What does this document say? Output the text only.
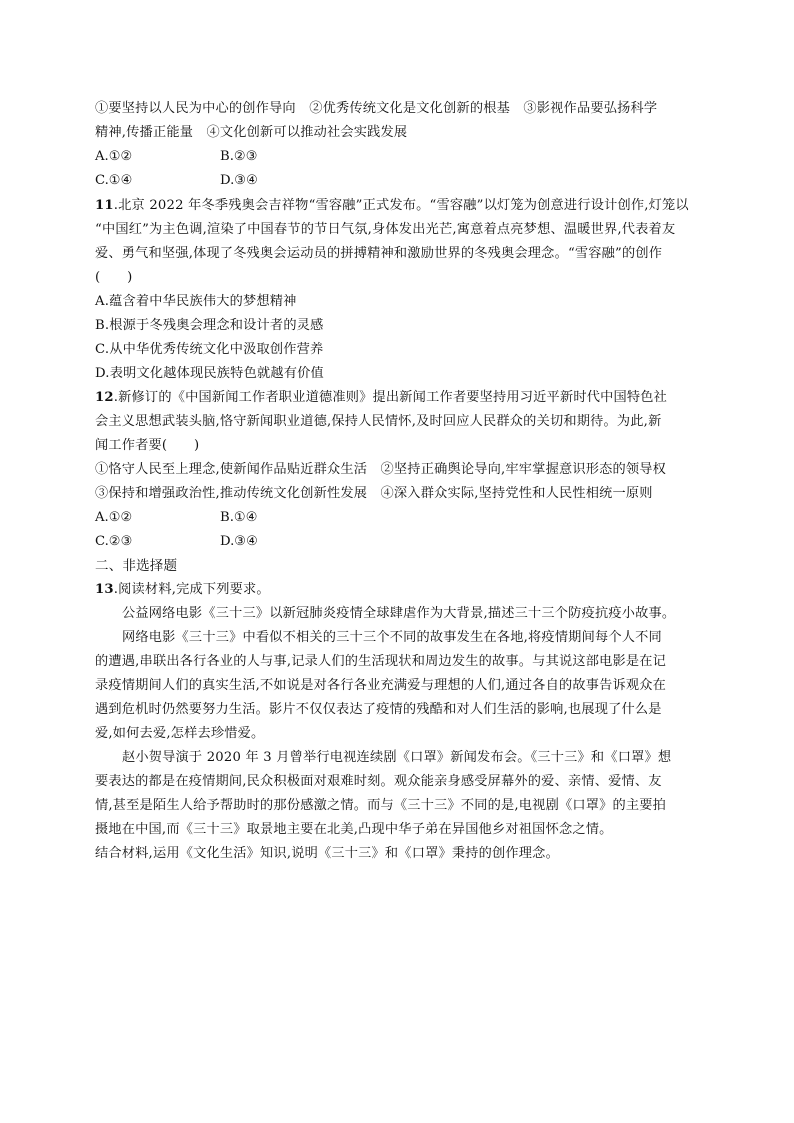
①要坚持以人民为中心的创作导向　②优秀传统文化是文化创新的根基　③影视作品要弘扬科学
精神,传播正能量　④文化创新可以推动社会实践发展
A.①②	B.②③
C.①④	D.③④
11.北京 2022 年冬季残奥会吉祥物“雪容融”正式发布。“雪容融”以灯笼为创意进行设计创作,灯笼以
“中国红”为主色调,渲染了中国春节的节日气氛,身体发出光芒,寓意着点亮梦想、温暖世界,代表着友
爱、勇气和坚强,体现了冬残奥会运动员的拼搏精神和激励世界的冬残奥会理念。“雪容融”的创作
(　　)
A.蕴含着中华民族伟大的梦想精神
B.根源于冬残奥会理念和设计者的灵感
C.从中华优秀传统文化中汲取创作营养
D.表明文化越体现民族特色就越有价值
12.新修订的《中国新闻工作者职业道德准则》提出新闻工作者要坚持用习近平新时代中国特色社
会主义思想武装头脑,恪守新闻职业道德,保持人民情怀,及时回应人民群众的关切和期待。为此,新
闻工作者要(　　)
①恪守人民至上理念,使新闻作品贴近群众生活　②坚持正确舆论导向,牢牢掌握意识形态的领导权
③保持和增强政治性,推动传统文化创新性发展　④深入群众实际,坚持党性和人民性相统一原则
A.①②	B.①④
C.②③	D.③④
二、非选择题
13.阅读材料,完成下列要求。
公益网络电影《三十三》以新冠肺炎疫情全球肆虐作为大背景,描述三十三个防疫抗疫小故事。
网络电影《三十三》中看似不相关的三十三个不同的故事发生在各地,将疫情期间每个人不同
的遭遇,串联出各行各业的人与事,记录人们的生活现状和周边发生的故事。与其说这部电影是在记
录疫情期间人们的真实生活,不如说是对各行各业充满爱与理想的人们,通过各自的故事告诉观众在
遇到危机时仍然要努力生活。影片不仅仅表达了疫情的残酷和对人们生活的影响,也展现了什么是
爱,如何去爱,怎样去珍惜爱。
赵小贺导演于 2020 年 3 月曾举行电视连续剧《口罩》新闻发布会。《三十三》和《口罩》想
要表达的都是在疫情期间,民众积极面对艰难时刻。观众能亲身感受屏幕外的爱、亲情、爱情、友
情,甚至是陌生人给予帮助时的那份感激之情。而与《三十三》不同的是,电视剧《口罩》的主要拍
摄地在中国,而《三十三》取景地主要在北美,凸现中华子弟在异国他乡对祖国怀念之情。
结合材料,运用《文化生活》知识,说明《三十三》和《口罩》秉持的创作理念。
